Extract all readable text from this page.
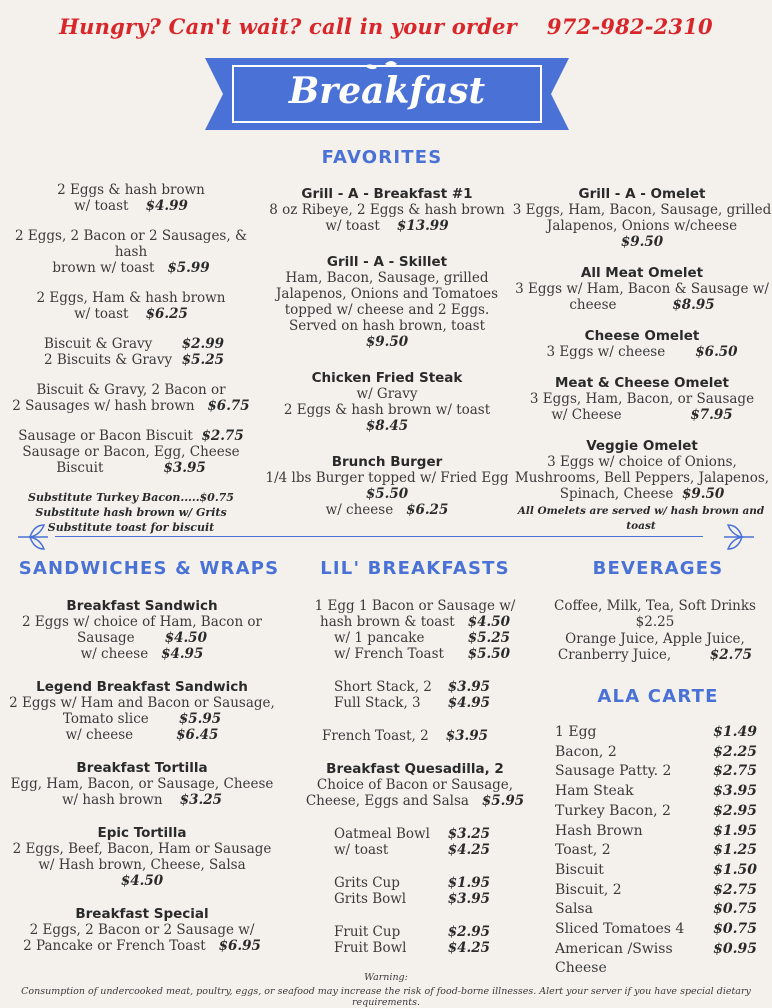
Hungry? Can't wait? call in your order 972-982-2310
Breakfast
FAVORITES
2 Eggs & hash brown
w/ toast $4.99
2 Eggs, 2 Bacon or 2 Sausages, & hash
brown w/ toast $5.99
2 Eggs, Ham & hash brown
w/ toast $6.25
Biscuit & Gravy $2.99
2 Biscuits & Gravy $5.25
Biscuit & Gravy, 2 Bacon or
2 Sausages w/ hash brown $6.75
Sausage or Bacon Biscuit $2.75
Sausage or Bacon, Egg, Cheese
Biscuit	$3.95
Substitute Turkey Bacon.....$0.75
Substitute hash brown w/ Grits
Substitute toast for biscuit
Grill - A - Breakfast #1
8 oz Ribeye, 2 Eggs & hash brown
w/ toast $13.99
Grill - A - Skillet
Ham, Bacon, Sausage, grilled
Jalapenos, Onions and Tomatoes
topped w/ cheese and 2 Eggs.
Served on hash brown, toast
$9.50
Chicken Fried Steak
w/ Gravy
2 Eggs & hash brown w/ toast
$8.45
Brunch Burger
1/4 lbs Burger topped w/ Fried Egg
$5.50
w/ cheese $6.25
Grill - A - Omelet
3 Eggs, Ham, Bacon, Sausage, grilled
Jalapenos, Onions w/cheese
$9.50
All Meat Omelet
3 Eggs w/ Ham, Bacon & Sausage w/
cheese	$8.95
Cheese Omelet
3 Eggs w/ cheese $6.50
Meat & Cheese Omelet
3 Eggs, Ham, Bacon, or Sausage
w/ Cheese	$7.95
Veggie Omelet
3 Eggs w/ choice of Onions,
Mushrooms, Bell Peppers, Jalapenos,
Spinach, Cheese $9.50
All Omelets are served w/ hash brown and toast
SANDWICHES & WRAPS
Breakfast Sandwich
2 Eggs w/ choice of Ham, Bacon or
Sausage $4.50
w/ cheese $4.95
Legend Breakfast Sandwich
2 Eggs w/ Ham and Bacon or Sausage,
Tomato slice $5.95
w/ cheese	$6.45
Breakfast Tortilla
Egg, Ham, Bacon, or Sausage, Cheese
w/ hash brown $3.25
Epic Tortilla
2 Eggs, Beef, Bacon, Ham or Sausage
w/ Hash brown, Cheese, Salsa
$4.50
Breakfast Special
2 Eggs, 2 Bacon or 2 Sausage w/
2 Pancake or French Toast $6.95
LIL' BREAKFASTS
1 Egg 1 Bacon or Sausage w/
hash brown & toast $4.50
w/ 1 pancake	$5.25
w/ French Toast $5.50
Short Stack, 2 $3.95
Full Stack, 3 $4.95
French Toast, 2 $3.95
Breakfast Quesadilla, 2
Choice of Bacon or Sausage,
Cheese, Eggs and Salsa $5.95
Oatmeal Bowl $3.25
w/ toast	$4.25
Grits Cup	$1.95
Grits Bowl	$3.95
Fruit Cup	$2.95
Fruit Bowl	$4.25
BEVERAGES
Coffee, Milk, Tea, Soft Drinks
$2.25
Orange Juice, Apple Juice,
Cranberry Juice,	$2.75
ALA CARTE
1 Egg	$1.49
Bacon, 2	$2.25
Sausage Patty. 2	$2.75
Ham Steak	$3.95
Turkey Bacon, 2	$2.95
Hash Brown	$1.95
Toast, 2	$1.25
Biscuit	$1.50
Biscuit, 2	$2.75
Salsa	$0.75
Sliced Tomatoes 4 $0.75
American /Swiss Cheese
$0.95
Warning:
Consumption of undercooked meat, poultry, eggs, or seafood may increase the risk of food-borne illnesses. Alert your server if you have special dietary requirements.
